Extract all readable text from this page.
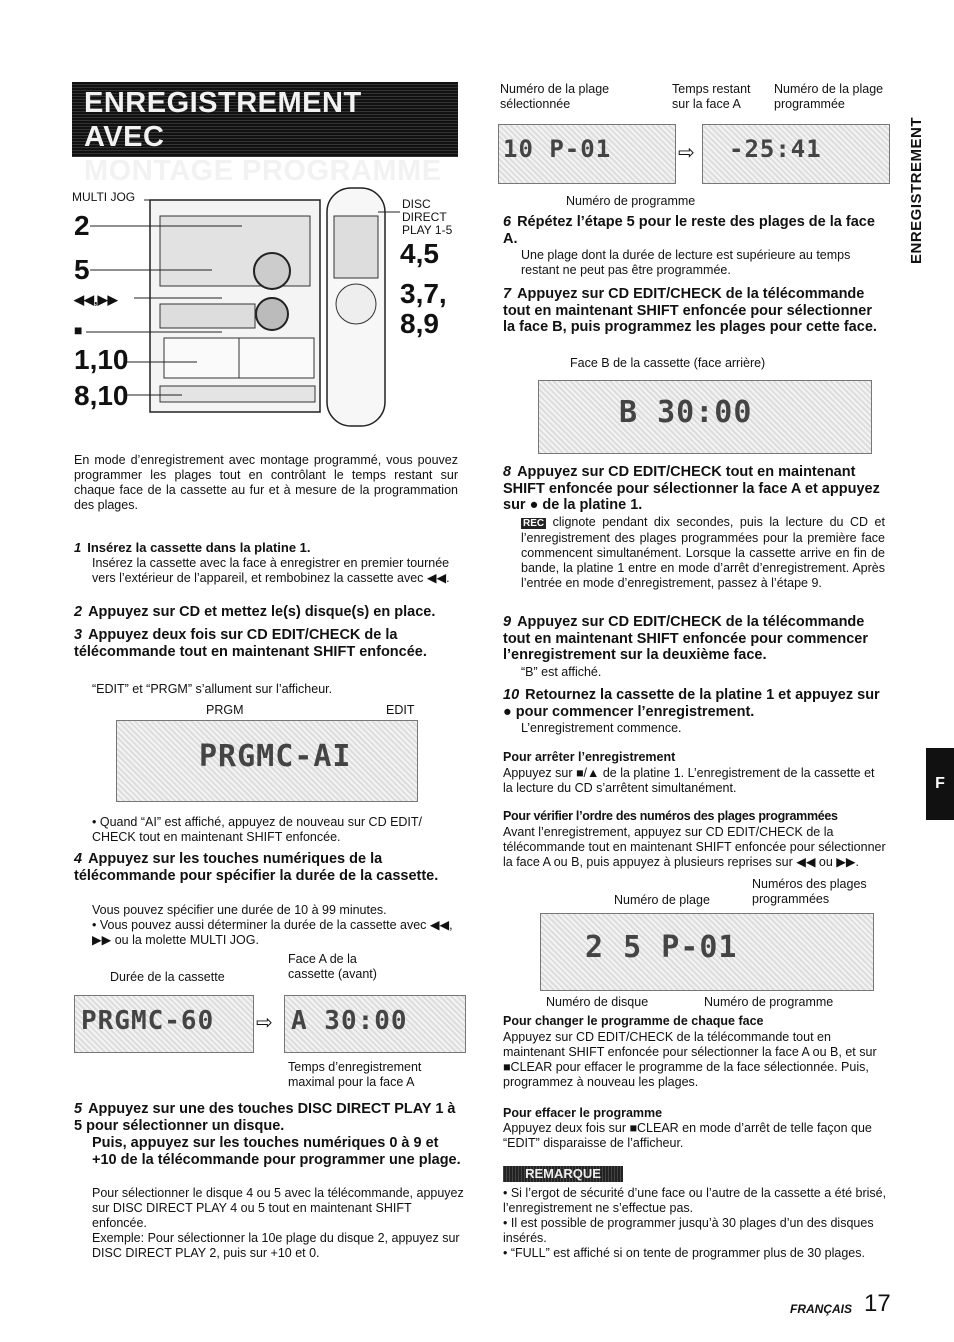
ENREGISTREMENT AVEC
MONTAGE PROGRAMME	ENREGISTREMENT
F
MULTI JOG
2
5
◀◀,▶▶
■
1,10
8,10
DISC
DIRECT
PLAY 1-5
4,5
3,7,
8,9
En mode d’enregistrement avec montage programmé, vous pouvez programmer les plages tout en contrôlant le temps restant sur chaque face de la cassette au fur et à mesure de la programmation des plages.
1 Insérez la cassette dans la platine 1.
Insérez la cassette avec la face à enregistrer en premier tournée vers l’extérieur de l’appareil, et rembobinez la cassette avec ◀◀.
2 Appuyez sur CD et mettez le(s) disque(s) en place.
3 Appuyez deux fois sur CD EDIT/CHECK de la télécommande tout en maintenant SHIFT enfoncée.
“EDIT” et “PRGM” s’allument sur l’afficheur.
PRGM	EDIT
PRGMC-AI
• Quand “AI” est affiché, appuyez de nouveau sur CD EDIT/ CHECK tout en maintenant SHIFT enfoncée.
4 Appuyez sur les touches numériques de la télécommande pour spécifier la durée de la cassette.
Vous pouvez spécifier une durée de 10 à 99 minutes.
• Vous pouvez aussi déterminer la durée de la cassette avec ◀◀, ▶▶ ou la molette MULTI JOG.
Face A de la cassette (avant)
Durée de la cassette
PRGMC-60 ⇨ A 30:00
Temps d’enregistrement maximal pour la face A
5 Appuyez sur une des touches DISC DIRECT PLAY 1 à 5 pour sélectionner un disque.
Puis, appuyez sur les touches numériques 0 à 9 et +10 de la télécommande pour programmer une plage.
Pour sélectionner le disque 4 ou 5 avec la télécommande, appuyez sur DISC DIRECT PLAY 4 ou 5 tout en maintenant SHIFT enfoncée.
Exemple: Pour sélectionner la 10e plage du disque 2, appuyez sur DISC DIRECT PLAY 2, puis sur +10 et 0.
Numéro de la plage sélectionnée
Temps restant sur la face A
Numéro de la plage programmée
10 P-01	⇨ -25:41
Numéro de programme
6 Répétez l’étape 5 pour le reste des plages de la face A.
Une plage dont la durée de lecture est supérieure au temps restant ne peut pas être programmée.
7 Appuyez sur CD EDIT/CHECK de la télécommande tout en maintenant SHIFT enfoncée pour sélectionner la face B, puis programmez les plages pour cette face.
Face B de la cassette (face arrière)
B 30:00
8 Appuyez sur CD EDIT/CHECK tout en maintenant SHIFT enfoncée pour sélectionner la face A et appuyez sur ● de la platine 1.
REC clignote pendant dix secondes, puis la lecture du CD et l’enregistrement des plages programmées pour la première face commencent simultanément. Lorsque la cassette arrive en fin de bande, la platine 1 entre en mode d’arrêt d’enregistrement. Après l’entrée en mode d’enregistrement, passez à l’étape 9.
9 Appuyez sur CD EDIT/CHECK de la télécommande tout en maintenant SHIFT enfoncée pour commencer l’enregistrement sur la deuxième face.
“B” est affiché.
10 Retournez la cassette de la platine 1 et appuyez sur ● pour commencer l’enregistrement.
L’enregistrement commence.
Pour arrêter l’enregistrement
Appuyez sur ■/▲ de la platine 1. L’enregistrement de la cassette et la lecture du CD s’arrêtent simultanément.
Pour vérifier l’ordre des numéros des plages programmées
Avant l’enregistrement, appuyez sur CD EDIT/CHECK de la télécommande tout en maintenant SHIFT enfoncée pour sélectionner la face A ou B, puis appuyez à plusieurs reprises sur ◀◀ ou ▶▶.
Numéros des plages programmées
Numéro de plage
2 5 P-01
Numéro de disque	Numéro de programme
Pour changer le programme de chaque face
Appuyez sur CD EDIT/CHECK de la télécommande tout en maintenant SHIFT enfoncée pour sélectionner la face A ou B, et sur ■CLEAR pour effacer le programme de la face sélectionnée. Puis, programmez à nouveau les plages.
Pour effacer le programme
Appuyez deux fois sur ■CLEAR en mode d’arrêt de telle façon que “EDIT” disparaisse de l’afficheur.
REMARQUE
• Si l’ergot de sécurité d’une face ou l’autre de la cassette a été brisé, l’enregistrement ne s’effectue pas.
• Il est possible de programmer jusqu’à 30 plages d’un des disques insérés.
• “FULL” est affiché si on tente de programmer plus de 30 plages.
FRANÇAIS 17
